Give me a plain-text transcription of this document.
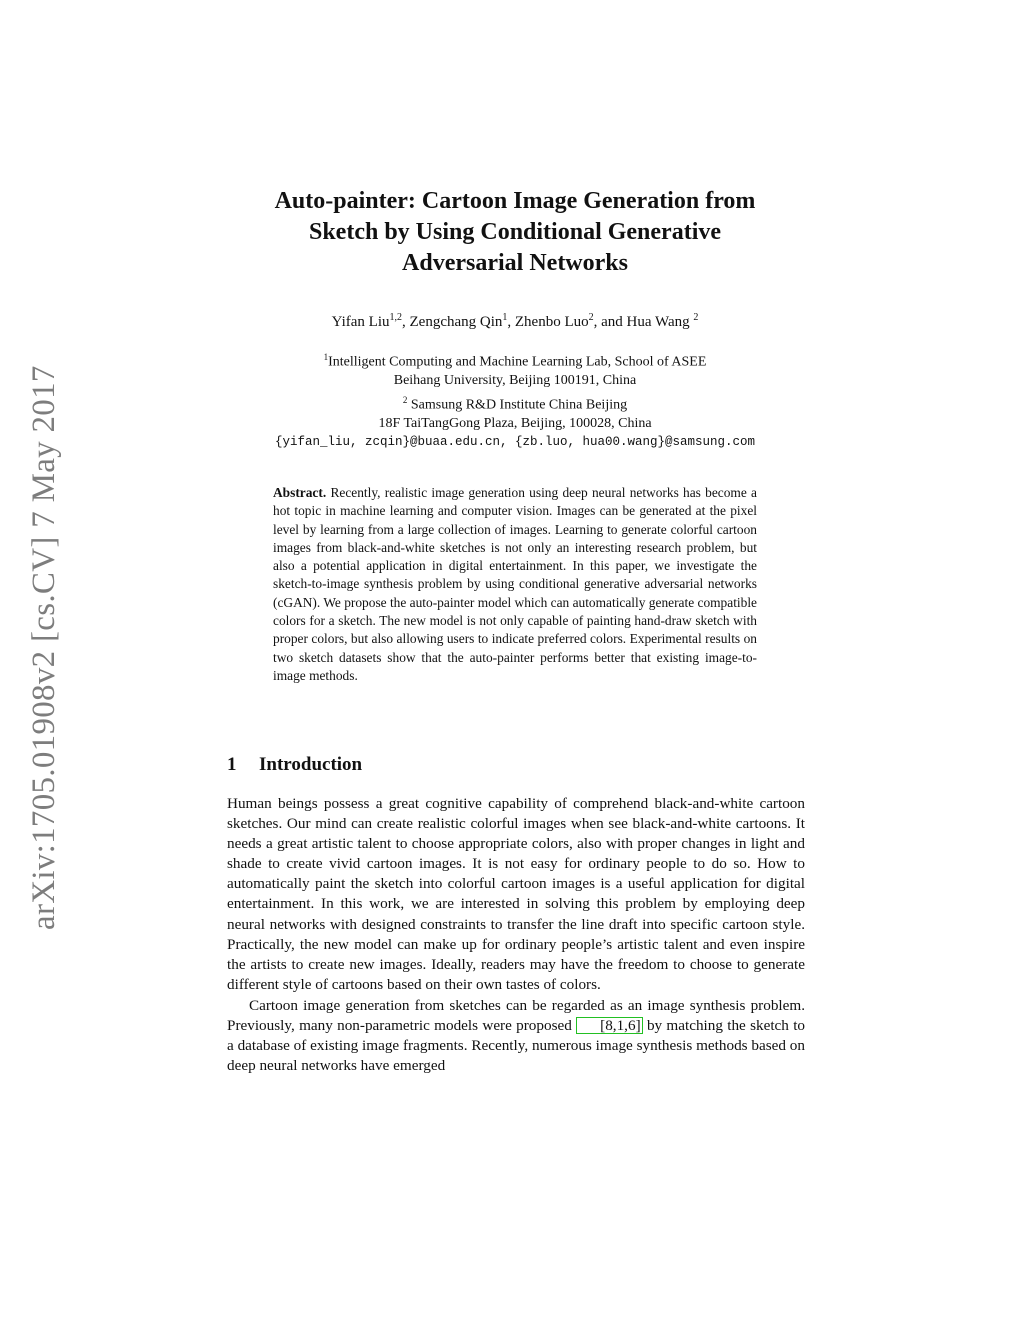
arXiv:1705.01908v2 [cs.CV] 7 May 2017
Auto-painter: Cartoon Image Generation from
Sketch by Using Conditional Generative
Adversarial Networks
Yifan Liu$^{1,2}$, Zengchang Qin$^1$, Zhenbo Luo$^2$, and Hua Wang $^2$
$^1$Intelligent Computing and Machine Learning Lab, School of ASEE
Beihang University, Beijing 100191, China
$^2$ Samsung R&D Institute China Beijing
18F TaiTangGong Plaza, Beijing, 100028, China
{yifan_liu, zcqin}@buaa.edu.cn, {zb.luo, hua00.wang}@samsung.com
Abstract. Recently, realistic image generation using deep neural networks has become a hot topic in machine learning and computer vision. Images can be generated at the pixel level by learning from a large collection of images. Learning to generate colorful cartoon images from black-and-white sketches is not only an interesting research problem, but also a potential application in digital entertainment. In this paper, we investigate the sketch-to-image synthesis problem by using conditional generative adversarial networks (cGAN). We propose the auto-painter model which can automatically generate compatible colors for a sketch. The new model is not only capable of painting hand-draw sketch with proper colors, but also allowing users to indicate preferred colors. Experimental results on two sketch datasets show that the auto-painter performs better that existing image-to-image methods.
1 Introduction

Human beings possess a great cognitive capability of comprehend black-and-white cartoon sketches. Our mind can create realistic colorful images when see black-and-white cartoons. It needs a great artistic talent to choose appropriate colors, also with proper changes in light and shade to create vivid cartoon images. It is not easy for ordinary people to do so. How to automatically paint the sketch into colorful cartoon images is a useful application for digital entertainment. In this work, we are interested in solving this problem by employing deep neural networks with designed constraints to transfer the line draft into specific cartoon style. Practically, the new model can make up for ordinary people’s artistic talent and even inspire the artists to create new images. Ideally, readers may have the freedom to choose to generate different style of cartoons based on their own tastes of colors.

Cartoon image generation from sketches can be regarded as an image synthesis problem. Previously, many non-parametric models were proposed [8,1,6] by matching the sketch to a database of existing image fragments. Recently, numerous image synthesis methods based on deep neural networks have emerged
